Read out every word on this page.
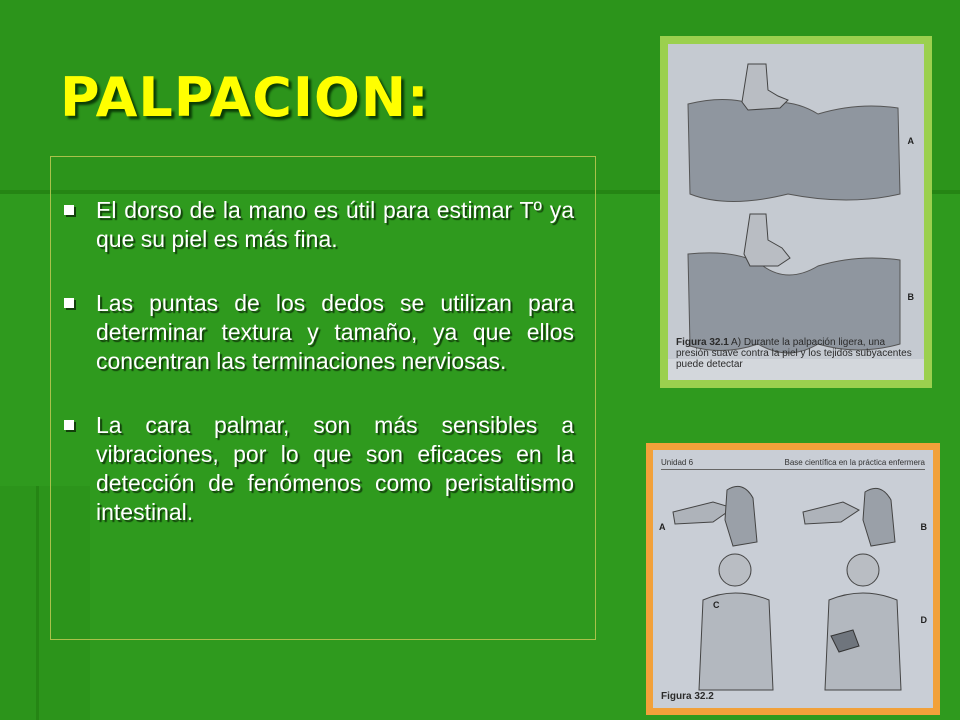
PALPACION:
El dorso de la mano es útil para estimar Tº ya que su piel es más fina.
Las puntas de los dedos se utilizan para determinar textura y tamaño, ya que ellos concentran las terminaciones nerviosas.
La cara palmar, son más sensibles a vibraciones, por lo que son eficaces en la detección de fenómenos como peristaltismo intestinal.
A
B
Figura 32.1 A) Durante la palpación ligera, una presión suave contra la piel y los tejidos subyacentes puede detectar
Unidad 6	Base científica en la práctica enfermera
A	B
C
D
Figura 32.2
